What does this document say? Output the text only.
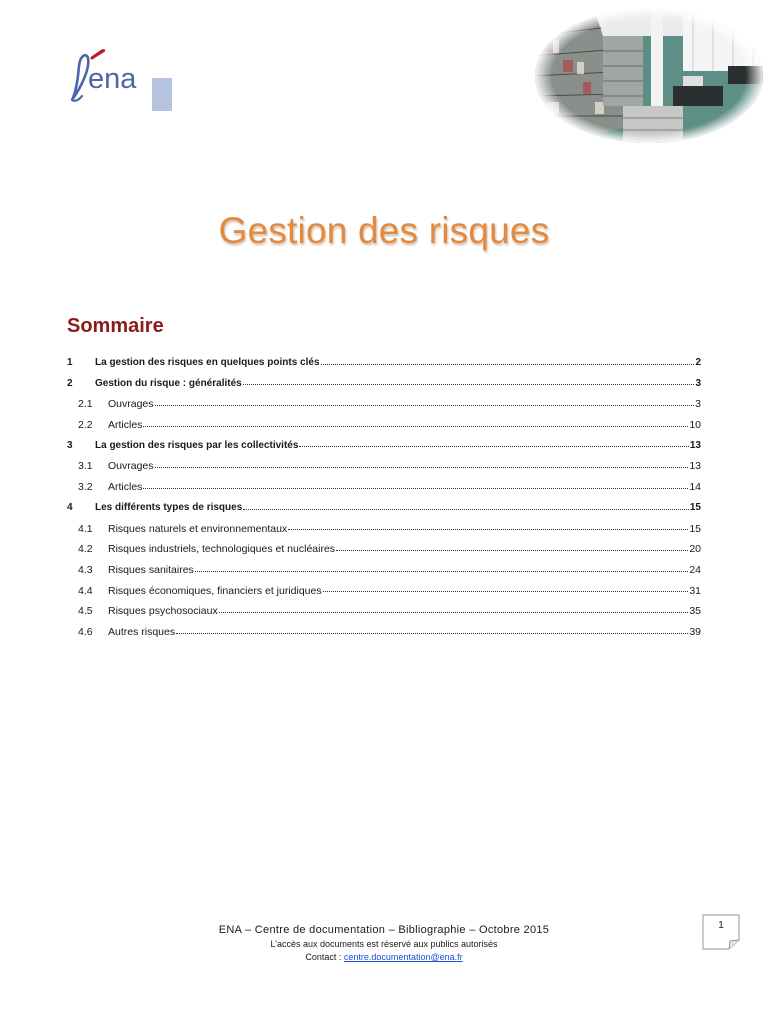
ena
Gestion des risques
Sommaire
1	La gestion des risques en quelques points clés	2
2	Gestion du risque : généralités	3
2.1	Ouvrages	3
2.2	Articles	10
3	La gestion des risques par les collectivités	13
3.1	Ouvrages	13
3.2	Articles	14
4	Les différents types de risques	15
4.1	Risques naturels et environnementaux	15
4.2	Risques industriels, technologiques et nucléaires	20
4.3	Risques sanitaires	24
4.4	Risques économiques, financiers et juridiques	31
4.5	Risques psychosociaux	35
4.6	Autres risques	39
ENA – Centre de documentation – Bibliographie – Octobre 2015
L’accès aux documents est réservé aux publics autorisés
Contact : centre.documentation@ena.fr
1
